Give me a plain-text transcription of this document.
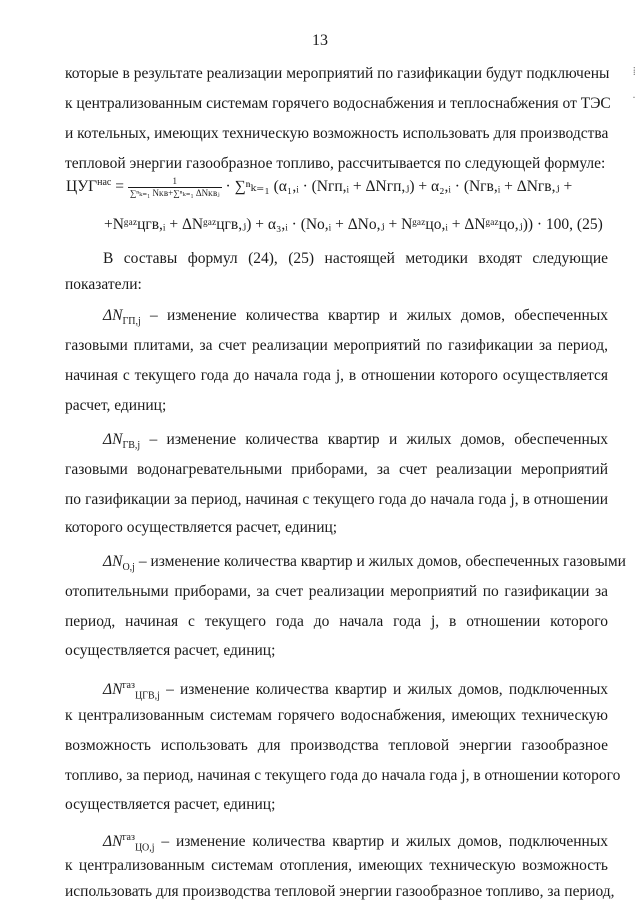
13
⁞
·
которые в результате реализации мероприятий по газификации будут подключены
к централизованным системам горячего водоснабжения и теплоснабжения от ТЭС
и котельных, имеющих техническую возможность использовать для производства
тепловой энергии газообразное топливо, рассчитывается по следующей формуле:
$ЦУГ^{нас} = \frac{1}{\text{∑ⁿₖ₌₁ Nᴋʙ+∑ⁿₖ₌₁ ΔNᴋʙⱼ}} \cdot \sum^n_{k=1}$ (α₁,ᵢ · (Nгп,ᵢ + ΔNгп,ⱼ) + α₂,ᵢ · (Nгв,ᵢ + ΔNгв,ⱼ +
+Nᵍᵃᶻцгв,ᵢ + ΔNᵍᵃᶻцгв,ⱼ) + α₃,ᵢ · (Nо,ᵢ + ΔNо,ⱼ + Nᵍᵃᶻцо,ᵢ + ΔNᵍᵃᶻцо,ⱼ)) · 100, (25)
В составы формул (24), (25) настоящей методики входят следующие
показатели:
$\Delta N_{ГП,j}$ – изменение количества квартир и жилых домов, обеспеченных
газовыми плитами, за счет реализации мероприятий по газификации за период,
начиная с текущего года до начала года j, в отношении которого осуществляется
расчет, единиц;
$\Delta N_{ГВ,j}$ – изменение количества квартир и жилых домов, обеспеченных
газовыми водонагревательными приборами, за счет реализации мероприятий
по газификации за период, начиная с текущего года до начала года j, в отношении
которого осуществляется расчет, единиц;
$\Delta N_{О,j}$ – изменение количества квартир и жилых домов, обеспеченных газовыми
отопительными приборами, за счет реализации мероприятий по газификации за
период, начиная с текущего года до начала года j, в отношении которого
осуществляется расчет, единиц;
$\Delta N^{газ}_{ЦГВ,j}$ – изменение количества квартир и жилых домов, подключенных
к централизованным системам горячего водоснабжения, имеющих техническую
возможность использовать для производства тепловой энергии газообразное
топливо, за период, начиная с текущего года до начала года j, в отношении которого
осуществляется расчет, единиц;
$\Delta N^{газ}_{ЦО,j}$ – изменение количества квартир и жилых домов, подключенных
к централизованным системам отопления, имеющих техническую возможность
использовать для производства тепловой энергии газообразное топливо, за период,
